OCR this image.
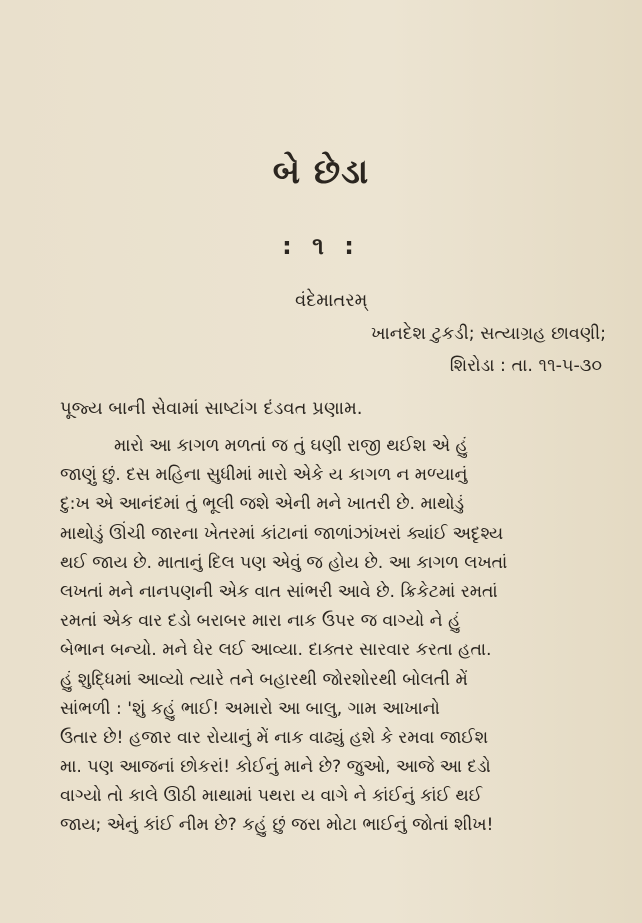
બે છેડા
: ૧ :
વંદેમાતરમ્
ખાનદેશ ટુકડી; સત્યાગ્રહ છાવણી;
શિરોડા : તા. ૧૧-૫-૩૦
પૂજ્ય બાની સેવામાં સાષ્ટાંગ દંડવત પ્રણામ.
મારો આ કાગળ મળતાં જ તું ઘણી રાજી થઈશ એ હું
જાણું છું. દસ મહિના સુધીમાં મારો એકે ય કાગળ ન મળ્યાનું
દુ:ખ એ આનંદમાં તું ભૂલી જશે એની મને ખાતરી છે. માથોડું
માથોડું ઊંચી જારના ખેતરમાં કાંટાનાં જાળાંઝાંખરાં ક્યાંઈ અદૃશ્ય
થઈ જાય છે. માતાનું દિલ પણ એવું જ હોય છે. આ કાગળ લખતાં
લખતાં મને નાનપણની એક વાત સાંભરી આવે છે. ક્રિકેટમાં રમતાં
રમતાં એક વાર દડો બરાબર મારા નાક ઉપર જ વાગ્યો ને હું
બેભાન બન્યો. મને ઘેર લઈ આવ્યા. દાક્તર સારવાર કરતા હતા.
હું શુદ્ધિમાં આવ્યો ત્યારે તને બહારથી જોરશોરથી બોલતી મેં
સાંભળી : 'શું કહું ભાઈ! અમારો આ બાલુ, ગામ આખાનો
ઉતાર છે! હજાર વાર રોયાનું મેં નાક વાઢ્યું હશે કે રમવા જાઈશ
મા. પણ આજનાં છોકરાં! કોઈનું માને છે? જુઓ, આજે આ દડો
વાગ્યો તો કાલે ઊઠી માથામાં પથરા ય વાગે ને કાંઈનું કાંઈ થઈ
જાય; એનું કાંઈ નીમ છે? કહું છું જરા મોટા ભાઈનું જોતાં શીખ!
